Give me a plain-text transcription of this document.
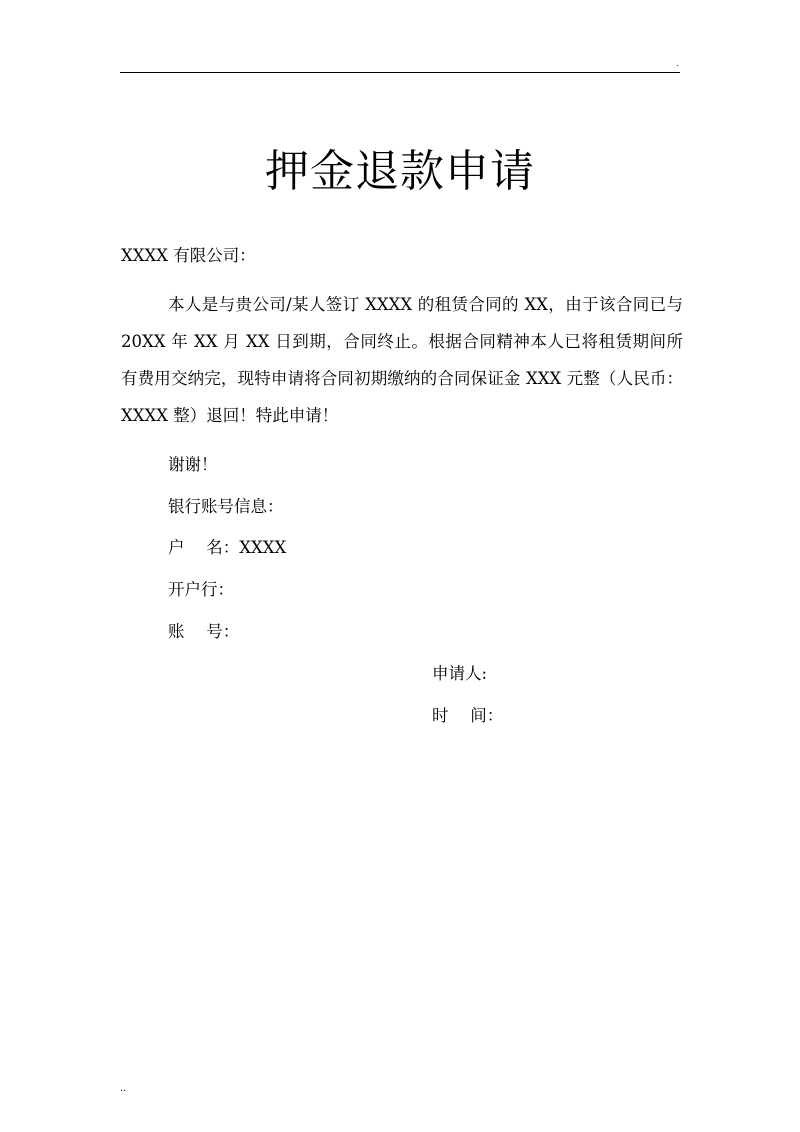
.
押金退款申请
XXXX 有限公司：
本人是与贵公司/某人签订 XXXX 的租赁合同的 XX，由于该合同已与 20XX 年 XX 月 XX 日到期，合同终止。根据合同精神本人已将租赁期间所有费用交纳完，现特申请将合同初期缴纳的合同保证金 XXX 元整（人民币：XXXX 整）退回！特此申请！
谢谢！
银行账号信息：
户　 名：XXXX
开户行：
账　 号：
申请人:
时　 间：
..
